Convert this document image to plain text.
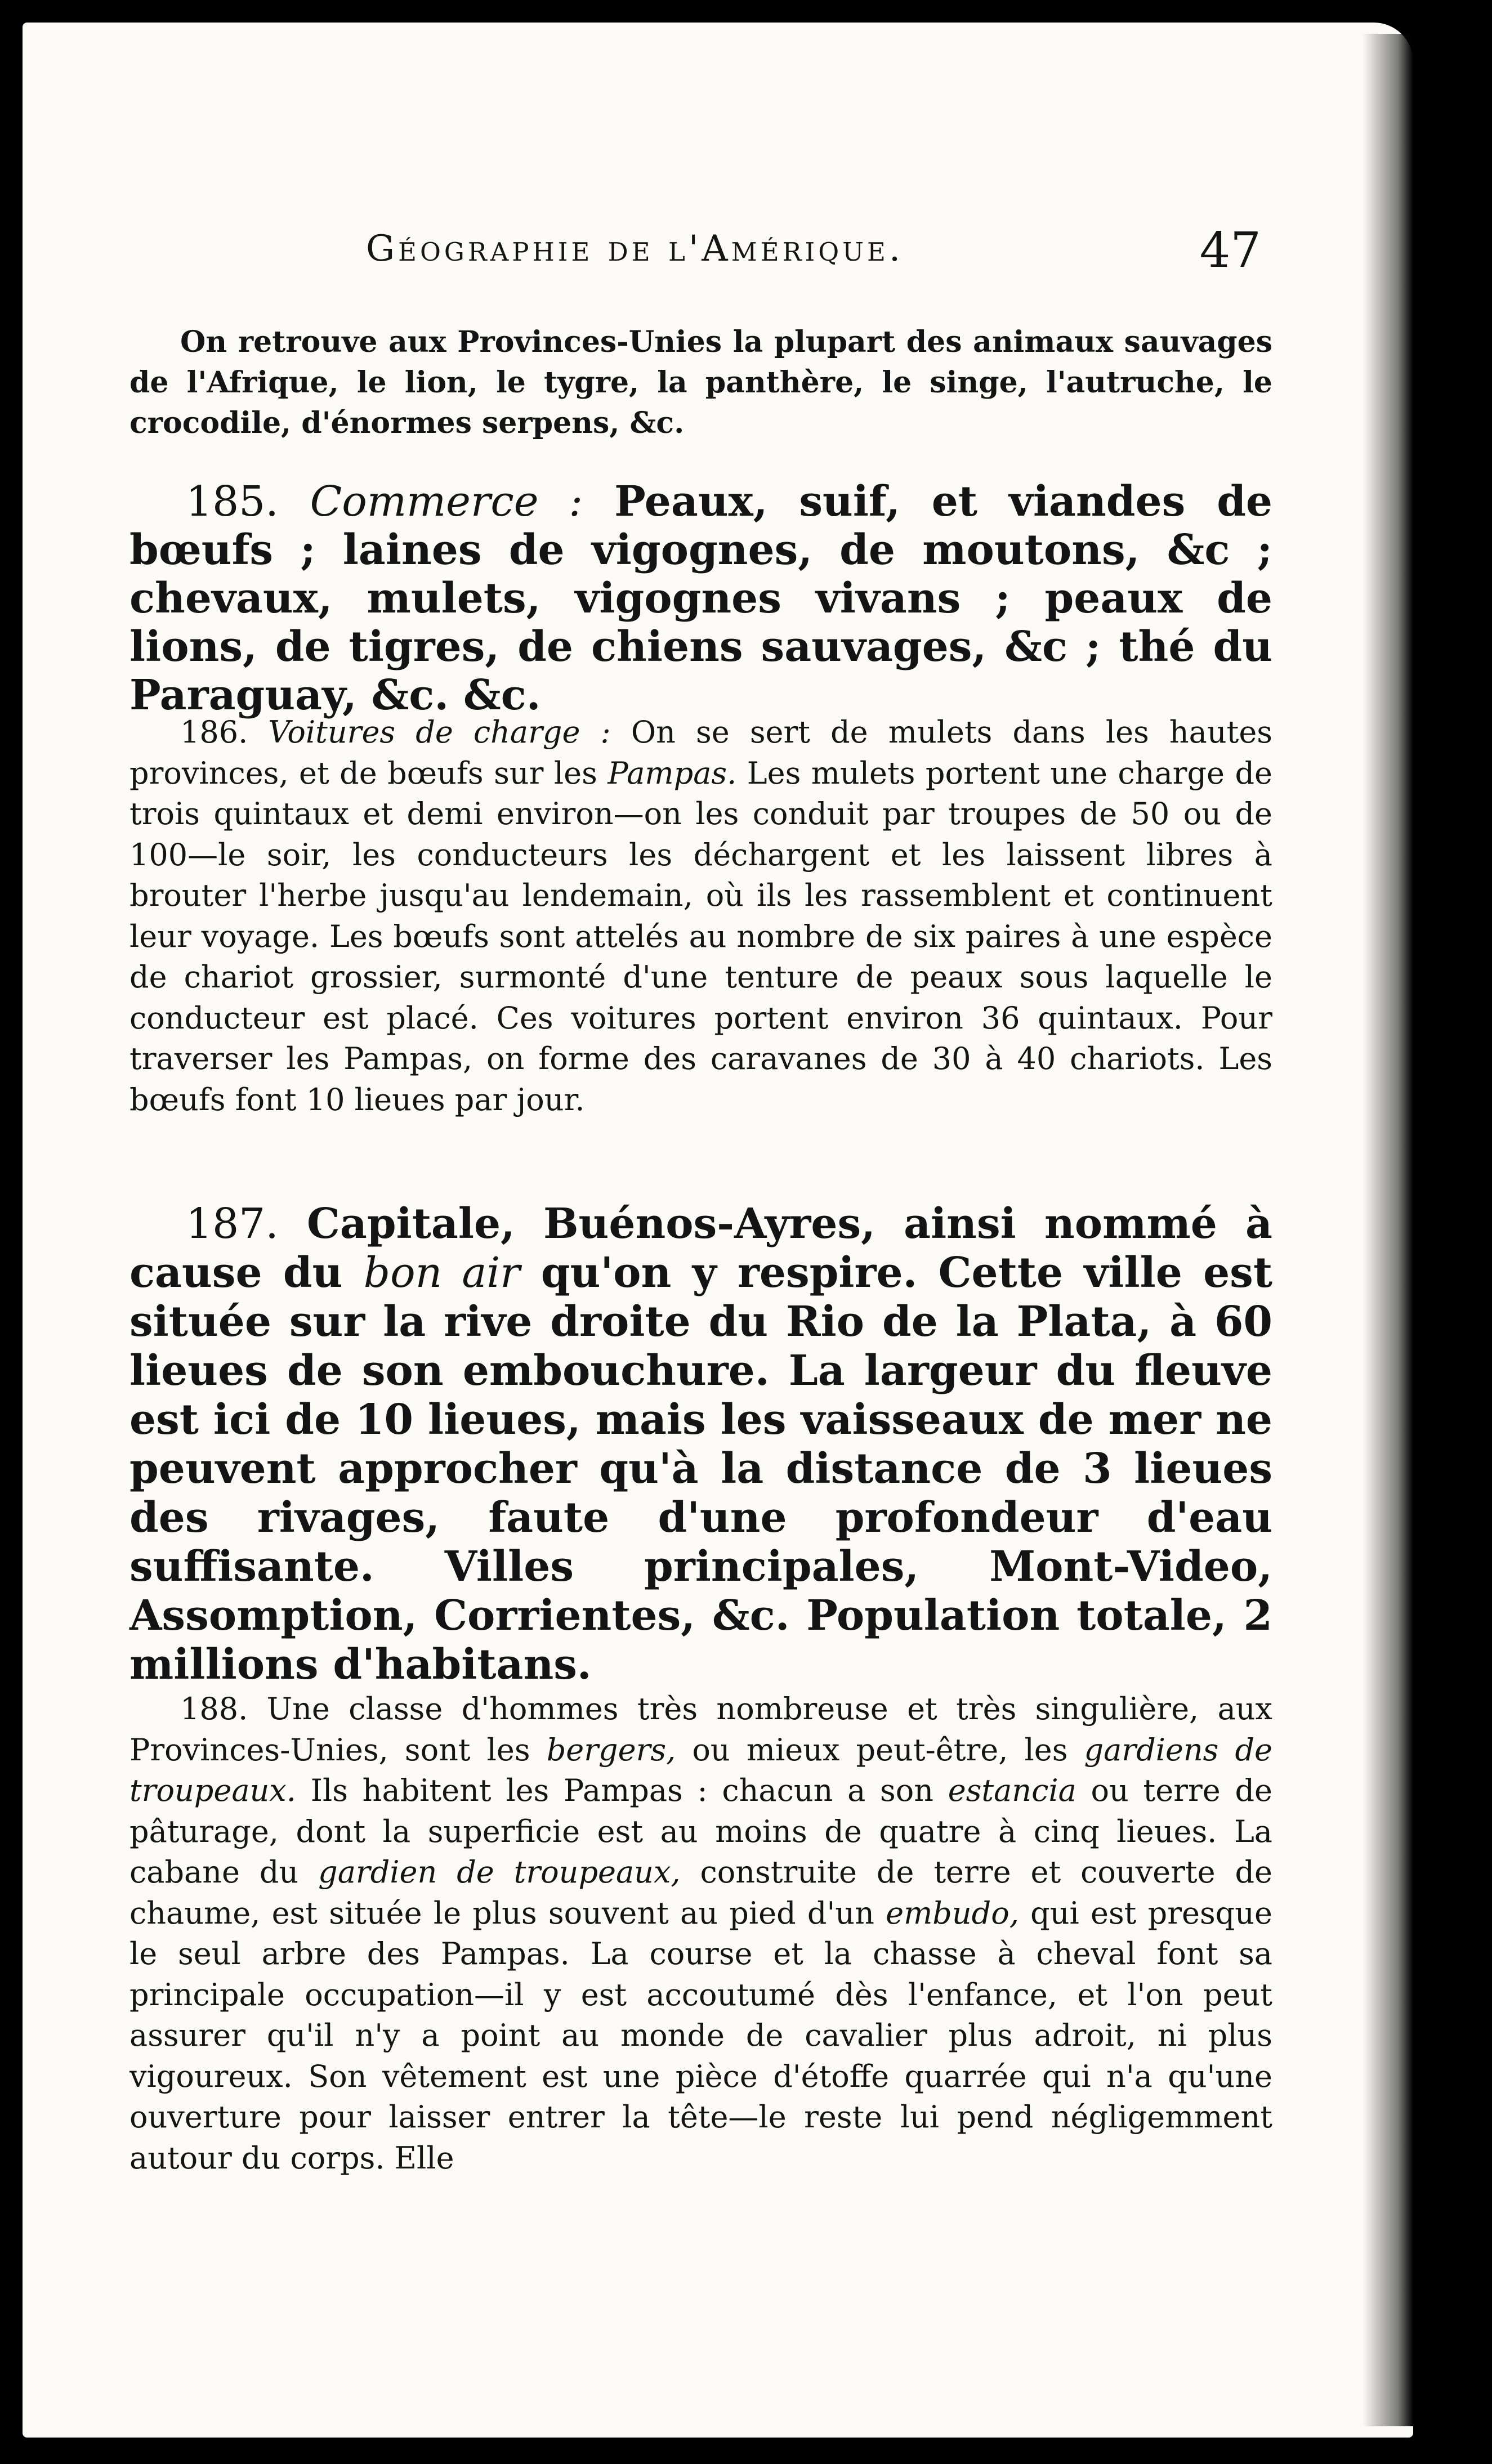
Géographie de l'Amérique.	47

On retrouve aux Provinces-Unies la plupart des animaux sauvages de l'Afrique, le lion, le tygre, la panthère, le singe, l'autruche, le crocodile, d'énormes serpens, &c.

185. Commerce : Peaux, suif, et viandes de bœufs ; laines de vigognes, de moutons, &c ; chevaux, mulets, vigognes vivans ; peaux de lions, de tigres, de chiens sauvages, &c ; thé du Paraguay, &c. &c.

186. Voitures de charge : On se sert de mulets dans les hautes provinces, et de bœufs sur les Pampas. Les mulets portent une charge de trois quintaux et demi environ—on les conduit par troupes de 50 ou de 100—le soir, les conducteurs les déchargent et les laissent libres à brouter l'herbe jusqu'au lendemain, où ils les rassemblent et continuent leur voyage. Les bœufs sont attelés au nombre de six paires à une espèce de chariot grossier, surmonté d'une tenture de peaux sous laquelle le conducteur est placé. Ces voitures portent environ 36 quintaux. Pour traverser les Pampas, on forme des caravanes de 30 à 40 chariots. Les bœufs font 10 lieues par jour.

187. Capitale, Buénos-Ayres, ainsi nommé à cause du bon air qu'on y respire. Cette ville est située sur la rive droite du Rio de la Plata, à 60 lieues de son embouchure. La largeur du fleuve est ici de 10 lieues, mais les vaisseaux de mer ne peuvent approcher qu'à la distance de 3 lieues des rivages, faute d'une profondeur d'eau suffisante. Villes principales, Mont-Video, Assomption, Corrientes, &c. Population totale, 2 millions d'habitans.

188. Une classe d'hommes très nombreuse et très singulière, aux Provinces-Unies, sont les bergers, ou mieux peut-être, les gardiens de troupeaux. Ils habitent les Pampas : chacun a son estancia ou terre de pâturage, dont la superficie est au moins de quatre à cinq lieues. La cabane du gardien de troupeaux, construite de terre et couverte de chaume, est située le plus souvent au pied d'un embudo, qui est presque le seul arbre des Pampas. La course et la chasse à cheval font sa principale occupation—il y est accoutumé dès l'enfance, et l'on peut assurer qu'il n'y a point au monde de cavalier plus adroit, ni plus vigoureux. Son vêtement est une pièce d'étoffe quarrée qui n'a qu'une ouverture pour laisser entrer la tête—le reste lui pend négligemment autour du corps. Elle
